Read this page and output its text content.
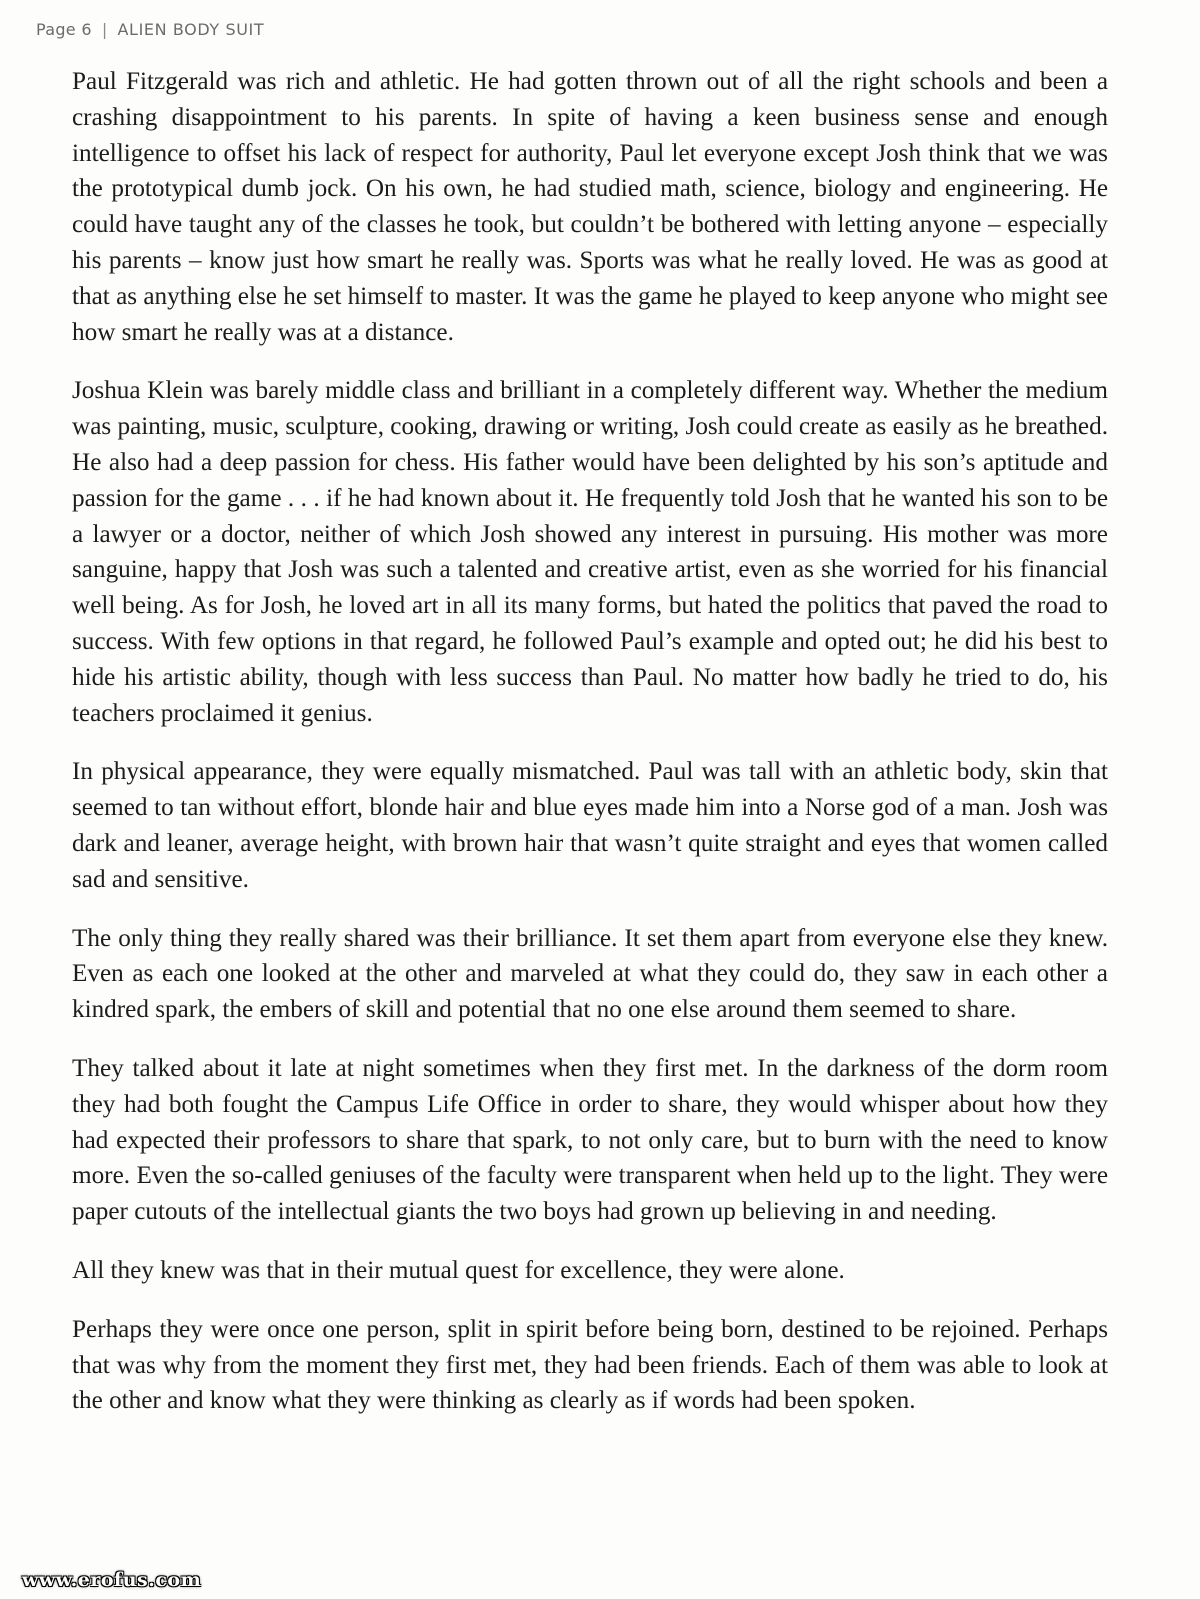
Page 6 | ALIEN BODY SUIT

Paul Fitzgerald was rich and athletic. He had gotten thrown out of all the right schools and been a crashing disappointment to his parents. In spite of having a keen business sense and enough intelligence to offset his lack of respect for authority, Paul let everyone except Josh think that we was the prototypical dumb jock. On his own, he had studied math, science, biology and engineering. He could have taught any of the classes he took, but couldn’t be bothered with letting anyone – especially his parents – know just how smart he really was. Sports was what he really loved. He was as good at that as anything else he set himself to master. It was the game he played to keep anyone who might see how smart he really was at a distance.

Joshua Klein was barely middle class and brilliant in a completely different way. Whether the medium was painting, music, sculpture, cooking, drawing or writing, Josh could create as easily as he breathed. He also had a deep passion for chess. His father would have been delighted by his son’s aptitude and passion for the game . . . if he had known about it. He frequently told Josh that he wanted his son to be a lawyer or a doctor, neither of which Josh showed any interest in pursuing. His mother was more sanguine, happy that Josh was such a talented and creative artist, even as she worried for his financial well being. As for Josh, he loved art in all its many forms, but hated the politics that paved the road to success. With few options in that regard, he followed Paul’s example and opted out; he did his best to hide his artistic ability, though with less success than Paul. No matter how badly he tried to do, his teachers proclaimed it genius.

In physical appearance, they were equally mismatched. Paul was tall with an athletic body, skin that seemed to tan without effort, blonde hair and blue eyes made him into a Norse god of a man. Josh was dark and leaner, average height, with brown hair that wasn’t quite straight and eyes that women called sad and sensitive.

The only thing they really shared was their brilliance. It set them apart from everyone else they knew. Even as each one looked at the other and marveled at what they could do, they saw in each other a kindred spark, the embers of skill and potential that no one else around them seemed to share.

They talked about it late at night sometimes when they first met. In the darkness of the dorm room they had both fought the Campus Life Office in order to share, they would whisper about how they had expected their professors to share that spark, to not only care, but to burn with the need to know more. Even the so-called geniuses of the faculty were transparent when held up to the light. They were paper cutouts of the intellectual giants the two boys had grown up believing in and needing.

All they knew was that in their mutual quest for excellence, they were alone.

Perhaps they were once one person, split in spirit before being born, destined to be rejoined. Perhaps that was why from the moment they first met, they had been friends. Each of them was able to look at the other and know what they were thinking as clearly as if words had been spoken.

www.erofus.com
